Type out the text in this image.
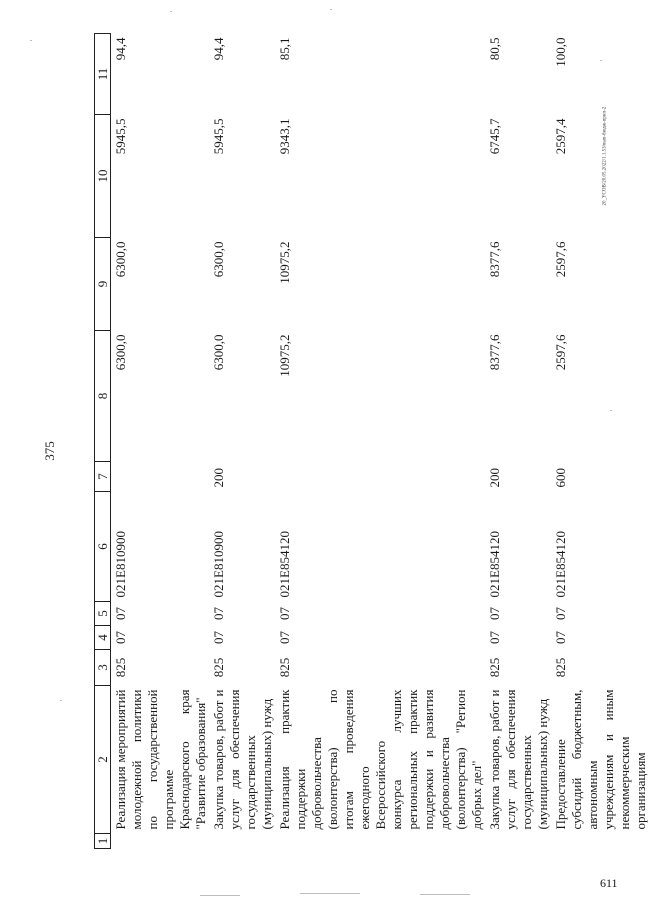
375
611
20_УСОВ/20.05.2022/1.1.53/вып-бюдж-прил-2
1	2	3	4	5	6	7	8	9	10	11
	Реализация мероприятий молодежной политики по государственной программе Краснодарского края "Развитие образования"	825	07	07	021E810900		6300,0	6300,0	5945,5	94,4
	Закупка товаров, работ и услуг для обеспечения государственных (муниципальных) нужд	825	07	07	021E810900	200	6300,0	6300,0	5945,5	94,4
	Реализация практик поддержки добровольчества (волонтерства) по итогам проведения ежегодного Всероссийского конкурса лучших региональных практик поддержки и развития добровольчества (волонтерства) "Регион добрых дел"	825	07	07	021E854120		10975,2	10975,2	9343,1	85,1
	Закупка товаров, работ и услуг для обеспечения государственных (муниципальных) нужд	825	07	07	021E854120	200	8377,6	8377,6	6745,7	80,5
	Предоставление субсидий бюджетным, автономным учреждениям и иным некоммерческим организациям	825	07	07	021E854120	600	2597,6	2597,6	2597,4	100,0
